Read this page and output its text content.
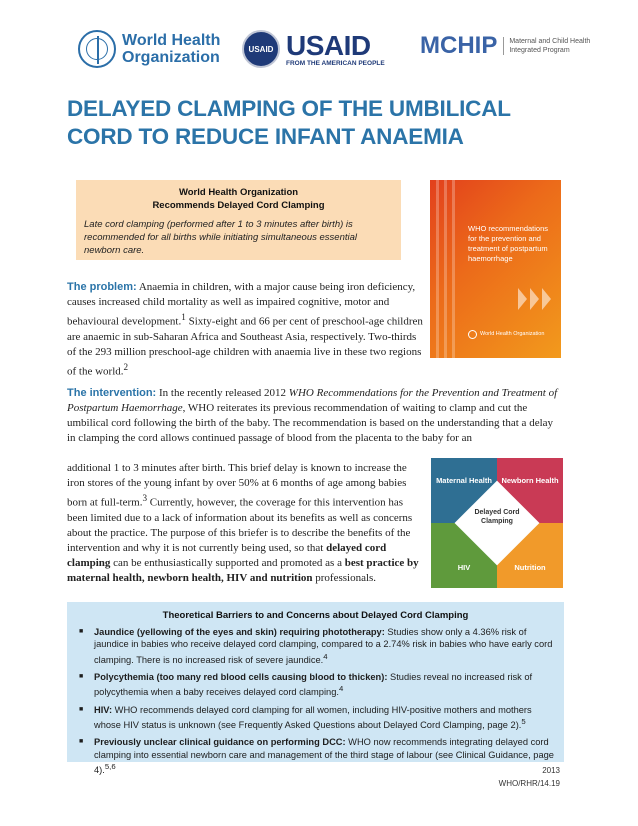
World Health
Organization	USAID USAID
FROM THE AMERICAN PEOPLE
MCHIP	Maternal and Child Health Integrated Program
DELAYED CLAMPING OF THE UMBILICAL
CORD TO REDUCE INFANT ANAEMIA
World Health Organization
Recommends Delayed Cord Clamping
Late cord clamping (performed after 1 to 3 minutes after birth) is recommended for all births while initiating simultaneous essential newborn care.
WHO recommendations for the prevention and treatment of postpartum haemorrhage
World Health Organization
The problem: Anaemia in children, with a major cause being iron deficiency, causes increased child mortality as well as impaired cognitive, motor and behavioural development.$^1$ Sixty-eight and 66 per cent of preschool-age children are anaemic in sub-Saharan Africa and Southeast Asia, respectively. Two-thirds of the 293 million preschool-age children with anaemia live in these two regions of the world.$^2$
The intervention: In the recently released 2012 WHO Recommendations for the Prevention and Treatment of Postpartum Haemorrhage, WHO reiterates its previous recommendation of waiting to clamp and cut the umbilical cord following the birth of the baby. The recommendation is based on the understanding that a delay in clamping the cord allows continued passage of blood from the placenta to the baby for an
additional 1 to 3 minutes after birth. This brief delay is known to increase the iron stores of the young infant by over 50% at 6 months of age among babies born at full-term.$^3$ Currently, however, the coverage for this intervention has been limited due to a lack of information about its benefits as well as concerns about the practice. The purpose of this briefer is to describe the benefits of the intervention and why it is not currently being used, so that delayed cord clamping can be enthusiastically supported and promoted as a best practice by maternal health, newborn health, HIV and nutrition professionals.
Maternal Health	Newborn Health
HIV	Nutrition
Delayed Cord Clamping
Theoretical Barriers to and Concerns about Delayed Cord Clamping
■ Jaundice (yellowing of the eyes and skin) requiring phototherapy: Studies show only a 4.36% risk of jaundice in babies who receive delayed cord clamping, compared to a 2.74% risk in babies who have early cord clamping. There is no increased risk of severe jaundice.$^4$
■ Polycythemia (too many red blood cells causing blood to thicken): Studies reveal no increased risk of polycythemia when a baby receives delayed cord clamping.$^4$
■ HIV: WHO recommends delayed cord clamping for all women, including HIV-positive mothers and mothers whose HIV status is unknown (see Frequently Asked Questions about Delayed Cord Clamping, page 2).$^5$
■ Previously unclear clinical guidance on performing DCC: WHO now recommends integrating delayed cord clamping into essential newborn care and management of the third stage of labour (see Clinical Guidance, page 4).$^{5,6}$	2013
WHO/RHR/14.19
